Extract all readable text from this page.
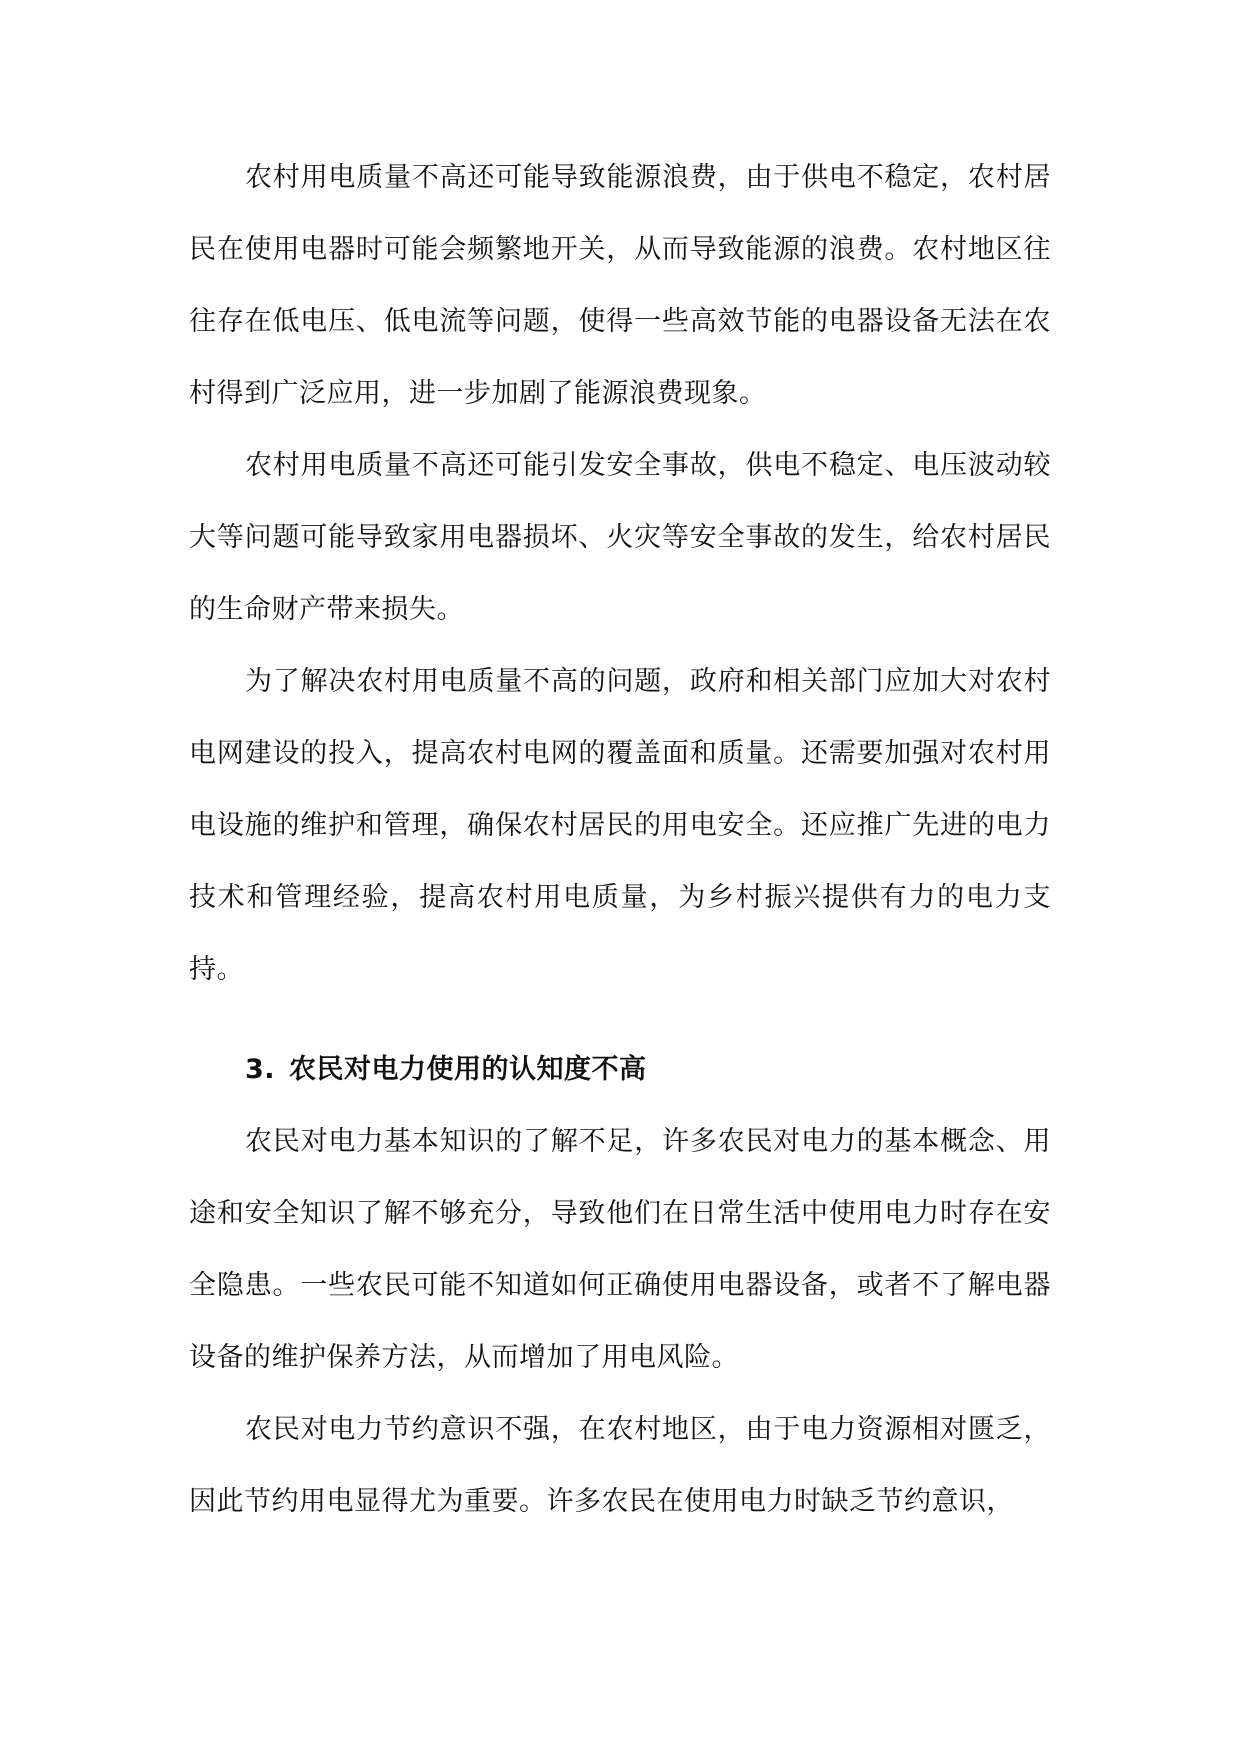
农村用电质量不高还可能导致能源浪费，由于供电不稳定，农村居民在使用电器时可能会频繁地开关，从而导致能源的浪费。农村地区往往存在低电压、低电流等问题，使得一些高效节能的电器设备无法在农村得到广泛应用，进一步加剧了能源浪费现象。

农村用电质量不高还可能引发安全事故，供电不稳定、电压波动较大等问题可能导致家用电器损坏、火灾等安全事故的发生，给农村居民的生命财产带来损失。

为了解决农村用电质量不高的问题，政府和相关部门应加大对农村电网建设的投入，提高农村电网的覆盖面和质量。还需要加强对农村用电设施的维护和管理，确保农村居民的用电安全。还应推广先进的电力技术和管理经验，提高农村用电质量，为乡村振兴提供有力的电力支持。

3. 农民对电力使用的认知度不高

农民对电力基本知识的了解不足，许多农民对电力的基本概念、用途和安全知识了解不够充分，导致他们在日常生活中使用电力时存在安全隐患。一些农民可能不知道如何正确使用电器设备，或者不了解电器设备的维护保养方法，从而增加了用电风险。

农民对电力节约意识不强，在农村地区，由于电力资源相对匮乏，因此节约用电显得尤为重要。许多农民在使用电力时缺乏节约意识，
